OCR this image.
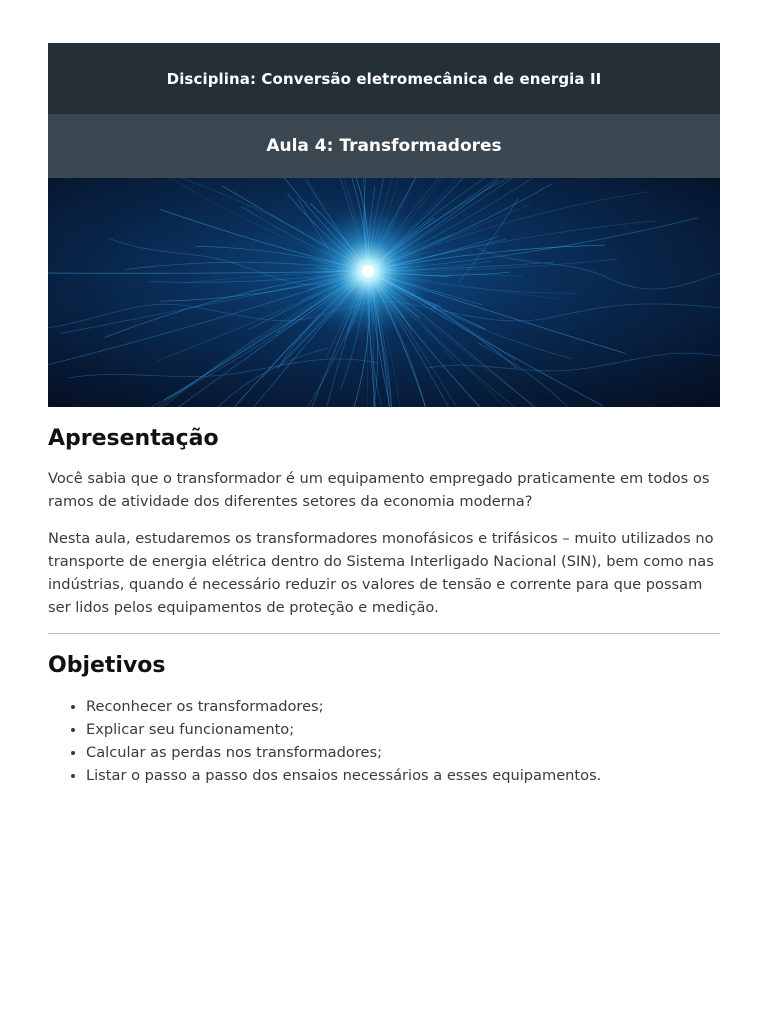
Disciplina: Conversão eletromecânica de energia II
Aula 4: Transformadores
Apresentação

Você sabia que o transformador é um equipamento empregado praticamente em todos os ramos de atividade dos diferentes setores da economia moderna?

Nesta aula, estudaremos os transformadores monofásicos e trifásicos – muito utilizados no transporte de energia elétrica dentro do Sistema Interligado Nacional (SIN), bem como nas indústrias, quando é necessário reduzir os valores de tensão e corrente para que possam ser lidos pelos equipamentos de proteção e medição.

Objetivos
• Reconhecer os transformadores;
• Explicar seu funcionamento;
• Calcular as perdas nos transformadores;
• Listar o passo a passo dos ensaios necessários a esses equipamentos.
